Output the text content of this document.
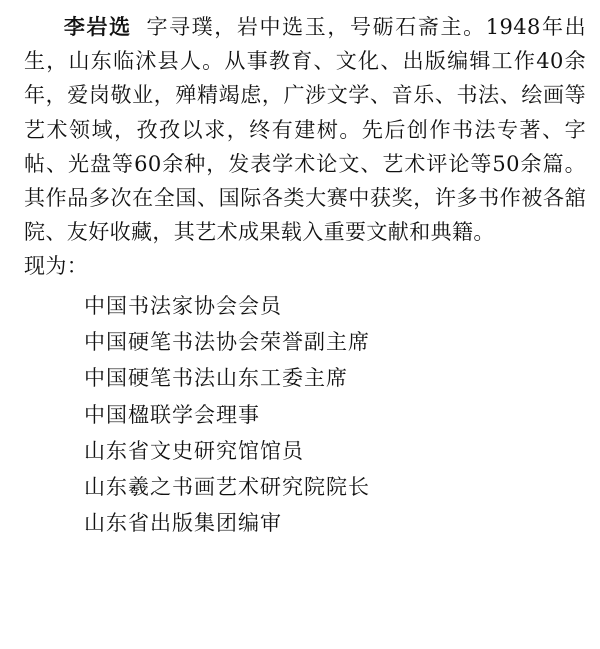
李岩选 字寻璞，岩中选玉，号砺石斋主。1948年出生，山东临沭县人。从事教育、文化、出版编辑工作40余年，爱岗敬业，殚精竭虑，广涉文学、音乐、书法、绘画等艺术领域，孜孜以求，终有建树。先后创作书法专著、字帖、光盘等60余种，发表学术论文、艺术评论等50余篇。其作品多次在全国、国际各类大赛中获奖，许多书作被各舘院、友好收藏，其艺术成果载入重要文献和典籍。

现为：

中国书法家协会会员
中国硬笔书法协会荣誉副主席
中国硬笔书法山东工委主席
中国楹联学会理事
山东省文史研究馆馆员
山东羲之书画艺术研究院院长
山东省出版集团编审
